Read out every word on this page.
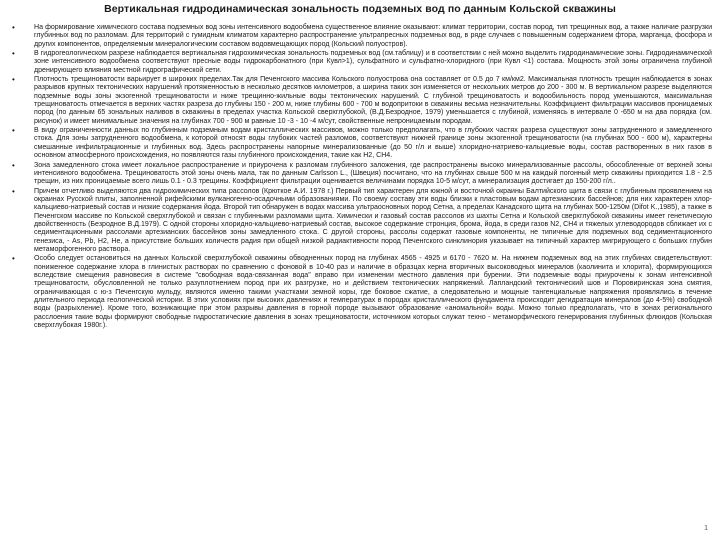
Вертикальная гидродинамическая зональность подземных вод по данным Кольской скважины
•	На формирование химического состава подземных вод зоны интенсивного водообмена существенное влияние оказывают: климат территории, состав пород, тип трещинных вод, а также наличие разгрузки глубинных вод по разломам. Для территорий с гумидным климатом характерно распространение ультрапресных подземных вод, в ряде случаев с повышенным содержанием фтора, марганца, фосфора и других компонентов, определяемым минералогическим составом водовмещающих пород (Кольский полуостров).
•	В гидрогеологическом разрезе наблюдается вертикальная гидрохимическая зональность подземных вод (см.таблицу) и в соответствии с ней можно выделить гидродинамические зоны. Гидродинамической зоне интенсивного водообмена соответствуют пресные воды гидрокарбонатного (при Кувл>1), сульфатного и сульфатно-хлоридного (при Кувл <1) состава. Мощность этой зоны ограничена глубиной дренирующего влияния местной гидрографической сети.
•	Плотность трещиноватости варьирует в широких пределах.Так для Печенгского массива Кольского полуострова она составляет от 0.5 до 7 км/км2. Максимальная плотность трещин наблюдается в зонах разрывов крупных тектонических нарушений протяженностью в несколько десятков километров, а ширина таких зон изменяется от нескольких метров до 200 - 300 м. В вертикальном разрезе выделяются подземные воды зоны экзогенной трещиноватости и ниже трещинно-жильные воды тектонических нарушений. С глубиной трещиноватость и водообильность пород уменьшаются, максимальная трещиноватость отмечается в верхних частях разреза до глубины 150 - 200 м, ниже глубины 600 - 700 м водопритоки в скважины весьма незначительны. Коэффициент фильтрации массивов проницаемых пород (по данным 65 зональных наливов в скважины в пределах участка Кольской сверхглубокой, (В.Д.Безродное, 1979) уменьшается с глубиной, изменяясь в интервале 0 -650 м на два порядка (см. рисунок) и имеет минимальные значения на глубинах 700 - 900 м равные 10 -3 - 10 -4 м/сут, свойственные непроницаемым породам.
•	В виду ограниченности данных по глубинным подземным водам кристаллических массивов, можно только предполагать, что в глубоких частях разреза существуют зоны затрудненного и замедленного стока. Для зоны затрудненного водообмена, к которой относят воды глубоких частей разломов, соответствуют нижней границе зоны экзогенной трещиноватости (на глубинах 500 - 600 м), характерны смешанные инфильтрационные и глубинных вод. Здесь распространены напорные минерализованные (до 50 г/л и выше) хлоридно-натриево-кальциевые воды, состав растворенных в них газов в основном атмосферного происхождения, но появляются газы глубинного происхождения, такие как H2, CH4.
•	Зона замедленного стока имеет локальное распространение и приурочена к разломам глубинного заложения, где распространены высоко минерализованные рассолы, обособленные от верхней зоны интенсивного водообмена. Трещиноватость этой зоны очень мала, так по данным Carlsson L., (Швеция) посчитано, что на глубинах свыше 500 м на каждый погонный метр скважины приходится 1.8 - 2.5 трещин, из них проницаемые всего лишь 0.1 - 0.3 трещины. Коэффициент фильтрации оценивается величинами порядка 10-5 м/сут, а минерализация достигает до 150-200 г/л..
•	Причем отчетливо выделяются два гидрохимических типа рассолов (Крюткое А.И. 1978 г.) Первый тип характерен для южной и восточной окраины Балтийского щита в связи с глубинным проявлением на окраинах Русской плиты, заполненной рифейскими вулканогенно-осадочными образованиями. По своему составу эти воды близки к пластовым водам артезианских бассейнов; для них характерен хлор-кальциево-натриевый состав и низкие содержания йода. Второй тип обнаружен в водах массива ультраосновных пород Сетна, а пределах Канадского щита на глубинах 500-1250м (Difot K.,1985), а также в Печенгском массиве по Кольской сверхглубокой и связан с глубинными разломами щита. Химически и газовый состав рассолов из шахты Сетна и Кольской сверхглубокой скважины имеет генетическую двойственность (Безродное В.Д.1979). С одной стороны хлоридно-кальциево-натриевый состав, высокое содержание стронция, брома, йода, в среди газов N2, CH4 и тяжелых углеводородов сближает их с седиментационными рассолами артезианских бассейнов зоны замедленного стока. С другой стороны, рассолы содержат газовые компоненты, не типичные для подземных вод седиментационного генезиса, - As, Pb, H2, He, а присутствие больших количеств радия при общей низкой радиактивности пород Печенгского синклинория указывает на типичный характер мигрирующего с больших глубин метаморфогенного раствора.
•	Особо следует остановиться на данных Кольской сверхглубокой скважины обводненных пород на глубинах 4565 - 4925 и 6170 - 7620 м. На нижнем подземных вод на этих глубинах свидетельствуют: пониженное содержание хлора в глинистых растворах по сравнению с фоновой в 10-40 раз и наличие в образцах керна вторичных высоководных минералов (каолинита и хлорита), формирующихся вследствие смещения равновесия в системе "свободная вода-связанная вода" вправо при изменении местного давления при бурении. Эти подземные воды приурочены к зонам интенсивной трещиноватости, обусловленной не только разуплотнением пород при их разгрузке, но и действием тектонических напряжений. Лапландский тектонический шов и Поровиринская зона смятия, ограничивающая с ю-з Печенгскую мульду, являются именно такими участками земной коры, где боковое сжатие, а следовательно и мощные тангенциальные напряжения проявлялись в течение длительного периода геологической истории. В этих условиях при высоких давлениях и температурах в породах кристаллического фундамента происходит дегидратация минералов (до 4-5%) свободной воды (разрыхление). Кроме того, возникающие при этом разрывы давления в горной породе вызывают образование «аномальной» воды. Можно только предполагать, что в зонах регионального расслоения такие воды формируют свободные гидростатические давления в зонах трещиноватости, источником которых служат техно - метаморфического генерирования глубинных флюидов (Кольская сверхглубокая 1980г.).
1
